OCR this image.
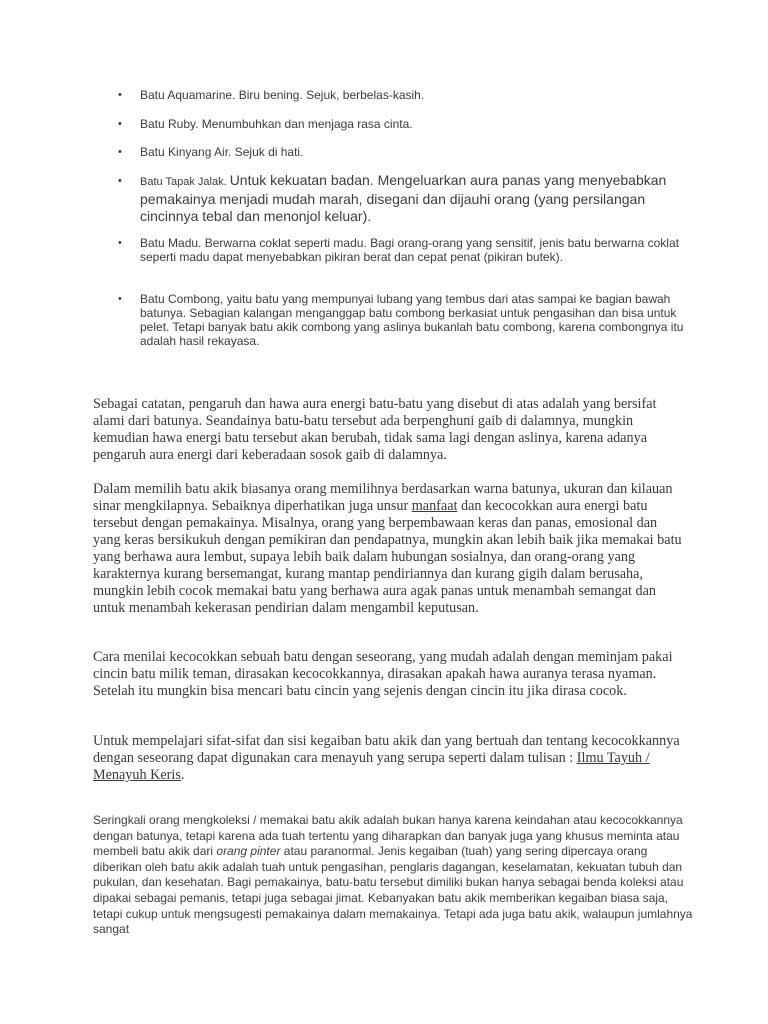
• Batu Aquamarine. Biru bening. Sejuk, berbelas-kasih.
• Batu Ruby. Menumbuhkan dan menjaga rasa cinta.
• Batu Kinyang Air. Sejuk di hati.
• Batu Tapak Jalak. Untuk kekuatan badan. Mengeluarkan aura panas yang menyebabkan pemakainya menjadi mudah marah, disegani dan dijauhi orang (yang persilangan cincinnya tebal dan menonjol keluar).
• Batu Madu. Berwarna coklat seperti madu. Bagi orang-orang yang sensitif, jenis batu berwarna coklat seperti madu dapat menyebabkan pikiran berat dan cepat penat (pikiran butek).
• Batu Combong, yaitu batu yang mempunyai lubang yang tembus dari atas sampai ke bagian bawah batunya. Sebagian kalangan menganggap batu combong berkasiat untuk pengasihan dan bisa untuk pelet. Tetapi banyak batu akik combong yang aslinya bukanlah batu combong, karena combongnya itu adalah hasil rekayasa.

Sebagai catatan, pengaruh dan hawa aura energi batu-batu yang disebut di atas adalah yang bersifat alami dari batunya. Seandainya batu-batu tersebut ada berpenghuni gaib di dalamnya, mungkin kemudian hawa energi batu tersebut akan berubah, tidak sama lagi dengan aslinya, karena adanya pengaruh aura energi dari keberadaan sosok gaib di dalamnya.

Dalam memilih batu akik biasanya orang memilihnya berdasarkan warna batunya, ukuran dan kilauan sinar mengkilapnya. Sebaiknya diperhatikan juga unsur manfaat dan kecocokkan aura energi batu tersebut dengan pemakainya. Misalnya, orang yang berpembawaan keras dan panas, emosional dan yang keras bersikukuh dengan pemikiran dan pendapatnya, mungkin akan lebih baik jika memakai batu yang berhawa aura lembut, supaya lebih baik dalam hubungan sosialnya, dan orang-orang yang karakternya kurang bersemangat, kurang mantap pendiriannya dan kurang gigih dalam berusaha, mungkin lebih cocok memakai batu yang berhawa aura agak panas untuk menambah semangat dan untuk menambah kekerasan pendirian dalam mengambil keputusan.

Cara menilai kecocokkan sebuah batu dengan seseorang, yang mudah adalah dengan meminjam pakai cincin batu milik teman, dirasakan kecocokkannya, dirasakan apakah hawa auranya terasa nyaman. Setelah itu mungkin bisa mencari batu cincin yang sejenis dengan cincin itu jika dirasa cocok.

Untuk mempelajari sifat-sifat dan sisi kegaiban batu akik dan yang bertuah dan tentang kecocokkannya dengan seseorang dapat digunakan cara menayuh yang serupa seperti dalam tulisan : Ilmu Tayuh / Menayuh Keris.

Seringkali orang mengkoleksi / memakai batu akik adalah bukan hanya karena keindahan atau kecocokkannya dengan batunya, tetapi karena ada tuah tertentu yang diharapkan dan banyak juga yang khusus meminta atau membeli batu akik dari orang pinter atau paranormal. Jenis kegaiban (tuah) yang sering dipercaya orang diberikan oleh batu akik adalah tuah untuk pengasihan, penglaris dagangan, keselamatan, kekuatan tubuh dan pukulan, dan kesehatan. Bagi pemakainya, batu-batu tersebut dimiliki bukan hanya sebagai benda koleksi atau dipakai sebagai pemanis, tetapi juga sebagai jimat. Kebanyakan batu akik memberikan kegaiban biasa saja, tetapi cukup untuk mengsugesti pemakainya dalam memakainya. Tetapi ada juga batu akik, walaupun jumlahnya sangat
